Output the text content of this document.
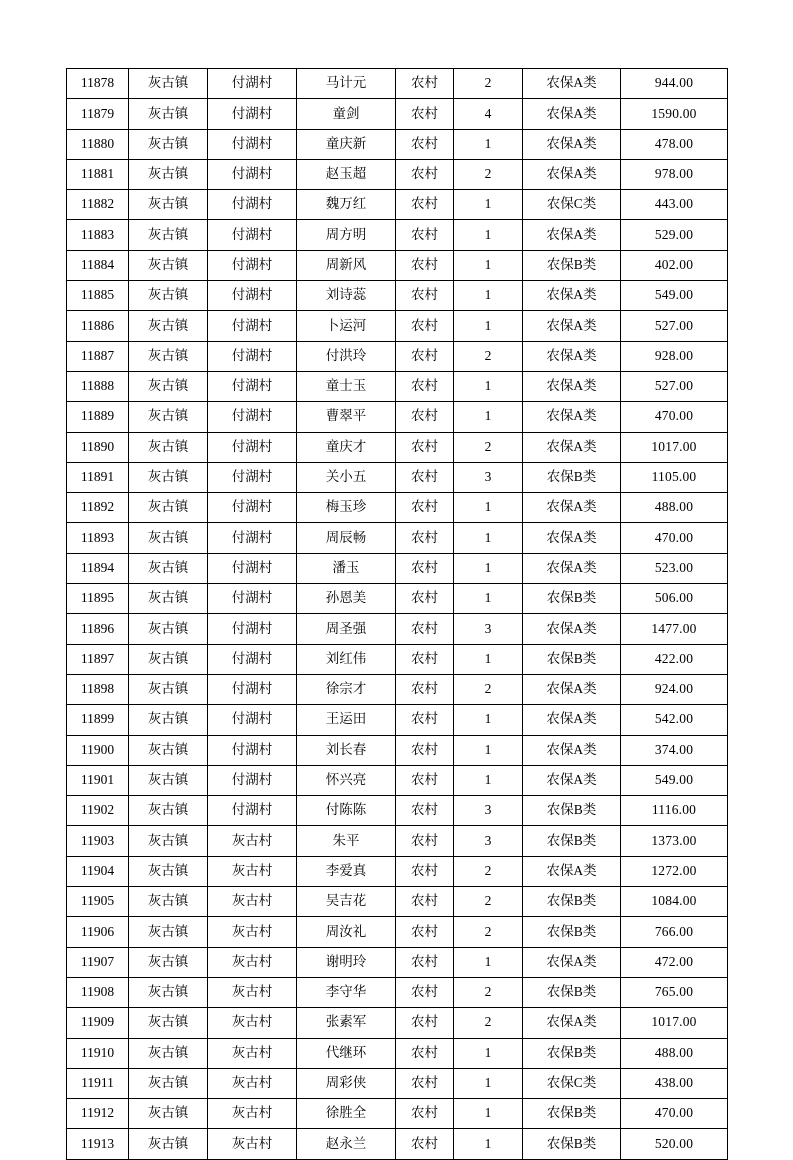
11878	灰古镇	付湖村	马计元	农村	2	农保A类	944.00
11879	灰古镇	付湖村	童剑	农村	4	农保A类	1590.00
11880	灰古镇	付湖村	童庆新	农村	1	农保A类	478.00
11881	灰古镇	付湖村	赵玉超	农村	2	农保A类	978.00
11882	灰古镇	付湖村	魏万红	农村	1	农保C类	443.00
11883	灰古镇	付湖村	周方明	农村	1	农保A类	529.00
11884	灰古镇	付湖村	周新风	农村	1	农保B类	402.00
11885	灰古镇	付湖村	刘诗蕊	农村	1	农保A类	549.00
11886	灰古镇	付湖村	卜运河	农村	1	农保A类	527.00
11887	灰古镇	付湖村	付洪玲	农村	2	农保A类	928.00
11888	灰古镇	付湖村	童士玉	农村	1	农保A类	527.00
11889	灰古镇	付湖村	曹翠平	农村	1	农保A类	470.00
11890	灰古镇	付湖村	童庆才	农村	2	农保A类	1017.00
11891	灰古镇	付湖村	关小五	农村	3	农保B类	1105.00
11892	灰古镇	付湖村	梅玉珍	农村	1	农保A类	488.00
11893	灰古镇	付湖村	周辰畅	农村	1	农保A类	470.00
11894	灰古镇	付湖村	潘玉	农村	1	农保A类	523.00
11895	灰古镇	付湖村	孙恩美	农村	1	农保B类	506.00
11896	灰古镇	付湖村	周圣强	农村	3	农保A类	1477.00
11897	灰古镇	付湖村	刘红伟	农村	1	农保B类	422.00
11898	灰古镇	付湖村	徐宗才	农村	2	农保A类	924.00
11899	灰古镇	付湖村	王运田	农村	1	农保A类	542.00
11900	灰古镇	付湖村	刘长春	农村	1	农保A类	374.00
11901	灰古镇	付湖村	怀兴亮	农村	1	农保A类	549.00
11902	灰古镇	付湖村	付陈陈	农村	3	农保B类	1116.00
11903	灰古镇	灰古村	朱平	农村	3	农保B类	1373.00
11904	灰古镇	灰古村	李爱真	农村	2	农保A类	1272.00
11905	灰古镇	灰古村	吴吉花	农村	2	农保B类	1084.00
11906	灰古镇	灰古村	周汝礼	农村	2	农保B类	766.00
11907	灰古镇	灰古村	谢明玲	农村	1	农保A类	472.00
11908	灰古镇	灰古村	李守华	农村	2	农保B类	765.00
11909	灰古镇	灰古村	张素军	农村	2	农保A类	1017.00
11910	灰古镇	灰古村	代继环	农村	1	农保B类	488.00
11911	灰古镇	灰古村	周彩侠	农村	1	农保C类	438.00
11912	灰古镇	灰古村	徐胜全	农村	1	农保B类	470.00
11913	灰古镇	灰古村	赵永兰	农村	1	农保B类	520.00
